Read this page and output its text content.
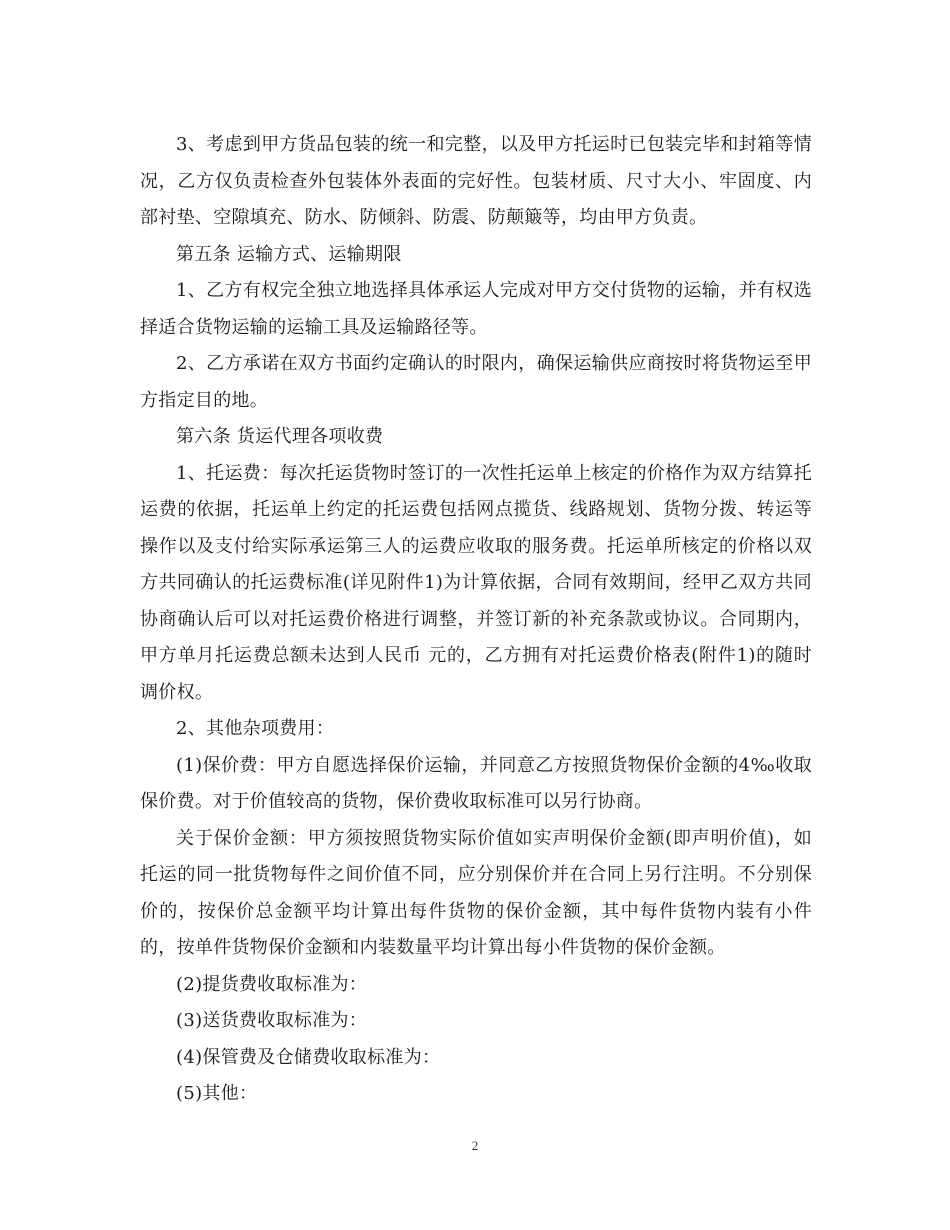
3、考虑到甲方货品包装的统一和完整，以及甲方托运时已包装完毕和封箱等情况，乙方仅负责检查外包装体外表面的完好性。包装材质、尺寸大小、牢固度、内部衬垫、空隙填充、防水、防倾斜、防震、防颠簸等，均由甲方负责。

第五条 运输方式、运输期限

1、乙方有权完全独立地选择具体承运人完成对甲方交付货物的运输，并有权选择适合货物运输的运输工具及运输路径等。

2、乙方承诺在双方书面约定确认的时限内，确保运输供应商按时将货物运至甲方指定目的地。

第六条 货运代理各项收费

1、托运费：每次托运货物时签订的一次性托运单上核定的价格作为双方结算托运费的依据，托运单上约定的托运费包括网点揽货、线路规划、货物分拨、转运等操作以及支付给实际承运第三人的运费应收取的服务费。托运单所核定的价格以双方共同确认的托运费标准(详见附件1)为计算依据，合同有效期间，经甲乙双方共同协商确认后可以对托运费价格进行调整，并签订新的补充条款或协议。合同期内，甲方单月托运费总额未达到人民币 元的，乙方拥有对托运费价格表(附件1)的随时调价权。

2、其他杂项费用：

(1)保价费：甲方自愿选择保价运输，并同意乙方按照货物保价金额的4‰收取保价费。对于价值较高的货物，保价费收取标准可以另行协商。

关于保价金额：甲方须按照货物实际价值如实声明保价金额(即声明价值)，如托运的同一批货物每件之间价值不同，应分别保价并在合同上另行注明。不分别保价的，按保价总金额平均计算出每件货物的保价金额，其中每件货物内装有小件的，按单件货物保价金额和内装数量平均计算出每小件货物的保价金额。

(2)提货费收取标准为：

(3)送货费收取标准为：

(4)保管费及仓储费收取标准为：

(5)其他：

2
